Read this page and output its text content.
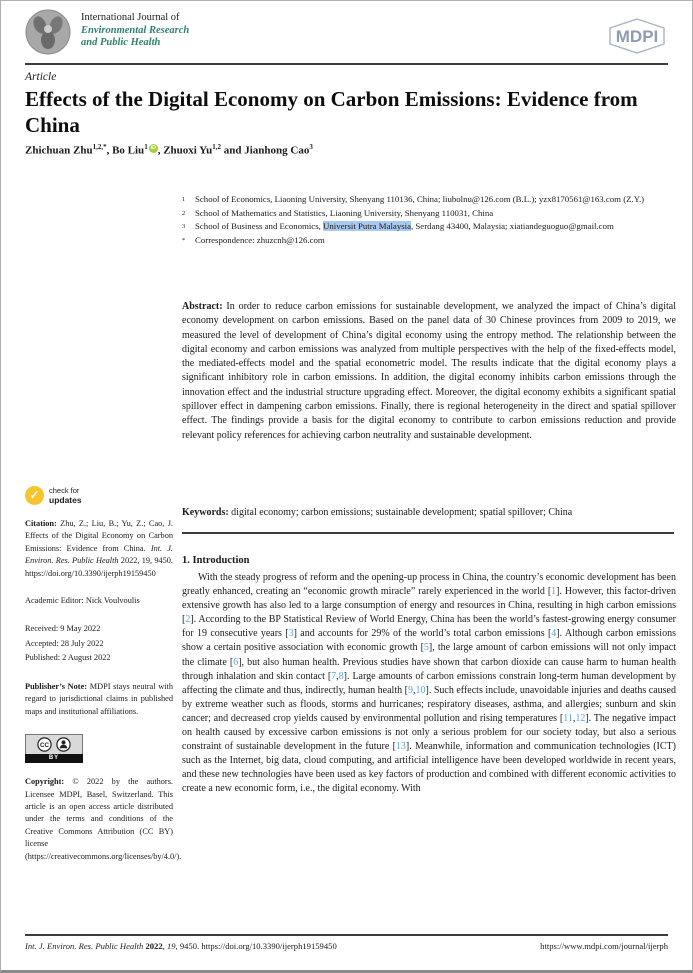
International Journal of
Environmental Research
and Public Health	MDPI
Article
Effects of the Digital Economy on Carbon Emissions: Evidence from China
Zhichuan Zhu$^{1,2,*}$, Bo Liu$^1$ iD , Zhuoxi Yu$^{1,2}$ and Jianhong Cao$^3$
1	School of Economics, Liaoning University, Shenyang 110136, China; liubolnu@126.com (B.L.); yzx8170561@163.com (Z.Y.)
2	School of Mathematics and Statistics, Liaoning University, Shenyang 110031, China
3	School of Business and Economics, Universit Putra Malaysia, Serdang 43400, Malaysia; xiatiandeguoguo@gmail.com
*	Correspondence: zhuzcnh@126.com
Abstract: In order to reduce carbon emissions for sustainable development, we analyzed the impact of China’s digital economy development on carbon emissions. Based on the panel data of 30 Chinese provinces from 2009 to 2019, we measured the level of development of China’s digital economy using the entropy method. The relationship between the digital economy and carbon emissions was analyzed from multiple perspectives with the help of the fixed-effects model, the mediated-effects model and the spatial econometric model. The results indicate that the digital economy plays a significant inhibitory role in carbon emissions. In addition, the digital economy inhibits carbon emissions through the innovation effect and the industrial structure upgrading effect. Moreover, the digital economy exhibits a significant spatial spillover effect in dampening carbon emissions. Finally, there is regional heterogeneity in the direct and spatial spillover effect. The findings provide a basis for the digital economy to contribute to carbon emissions reduction and provide relevant policy references for achieving carbon neutrality and sustainable development.
Keywords: digital economy; carbon emissions; sustainable development; spatial spillover; China
1. Introduction
With the steady progress of reform and the opening-up process in China, the country’s economic development has been greatly enhanced, creating an “economic growth miracle” rarely experienced in the world [1]. However, this factor-driven extensive growth has also led to a large consumption of energy and resources in China, resulting in high carbon emissions [2]. According to the BP Statistical Review of World Energy, China has been the world’s fastest-growing energy consumer for 19 consecutive years [3] and accounts for 29% of the world’s total carbon emissions [4]. Although carbon emissions show a certain positive association with economic growth [5], the large amount of carbon emissions will not only impact the climate [6], but also human health. Previous studies have shown that carbon dioxide can cause harm to human health through inhalation and skin contact [7,8]. Large amounts of carbon emissions constrain long-term human development by affecting the climate and thus, indirectly, human health [9,10]. Such effects include, unavoidable injuries and deaths caused by extreme weather such as floods, storms and hurricanes; respiratory diseases, asthma, and allergies; sunburn and skin cancer; and decreased crop yields caused by environmental pollution and rising temperatures [11,12]. The negative impact on health caused by excessive carbon emissions is not only a serious problem for our society today, but also a serious constraint of sustainable development in the future [13]. Meanwhile, information and communication technologies (ICT) such as the Internet, big data, cloud computing, and artificial intelligence have been developed worldwide in recent years, and these new technologies have been used as key factors of production and combined with different economic activities to create a new economic form, i.e., the digital economy. With
✓	check for
updates
Citation: Zhu, Z.; Liu, B.; Yu, Z.; Cao, J. Effects of the Digital Economy on Carbon Emissions: Evidence from China. Int. J. Environ. Res. Public Health 2022, 19, 9450. https://doi.org/10.3390/ijerph19159450
Academic Editor: Nick Voulvoulis
Received: 9 May 2022
Accepted: 28 July 2022
Published: 2 August 2022
Publisher’s Note: MDPI stays neutral with regard to jurisdictional claims in published maps and institutional affiliations.
CC
BY
Copyright: © 2022 by the authors. Licensee MDPI, Basel, Switzerland. This article is an open access article distributed under the terms and conditions of the Creative Commons Attribution (CC BY) license (https://creativecommons.org/licenses/by/4.0/).
Int. J. Environ. Res. Public Health 2022, 19, 9450. https://doi.org/10.3390/ijerph19159450	https://www.mdpi.com/journal/ijerph
